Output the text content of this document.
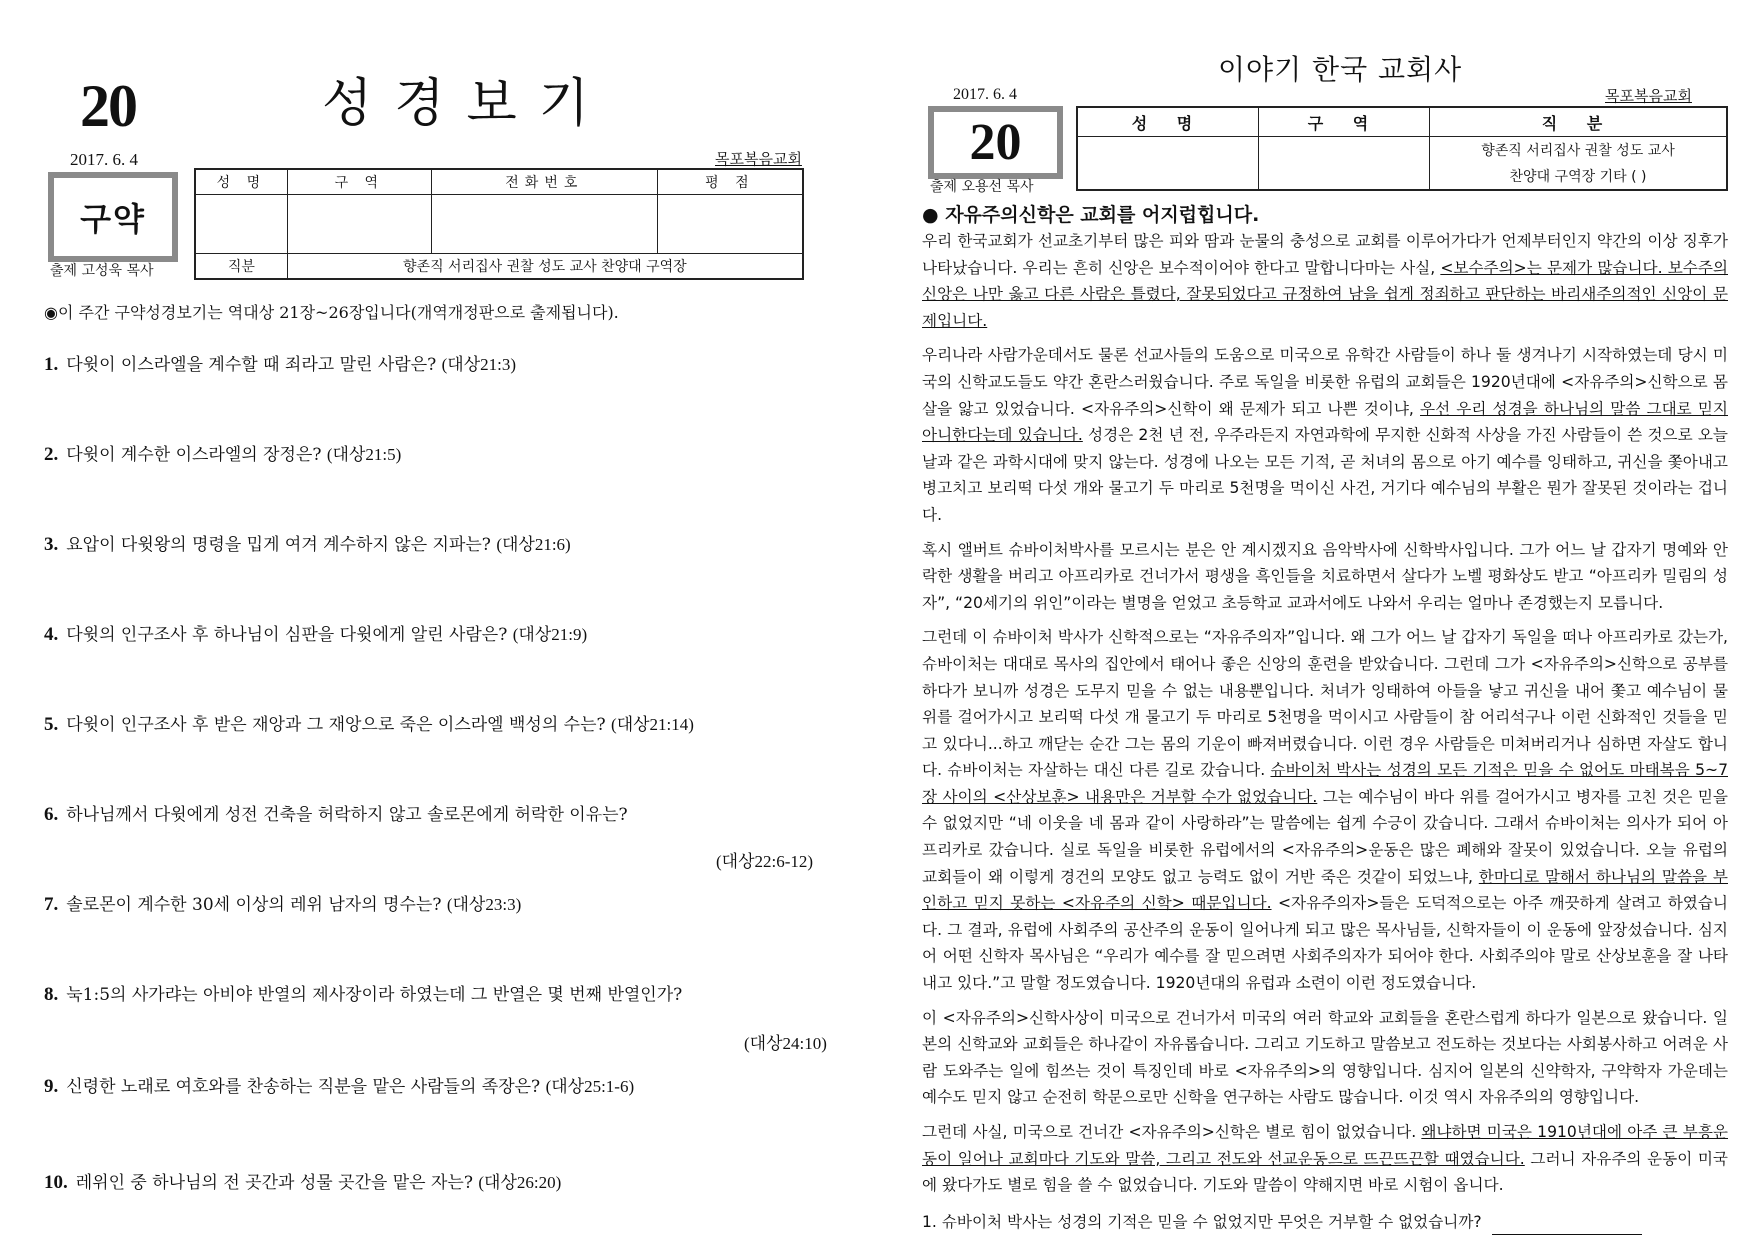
20	성경보기
2017. 6. 4	목포복음교회
구약
출제 고성욱 목사
성 명	구 역	전화번호	평 점

직분	향존직 서리집사 권찰 성도 교사 찬양대 구역장		
◉이 주간 구약성경보기는 역대상 21장~26장입니다(개역개정판으로 출제됩니다).
1. 다윗이 이스라엘을 계수할 때 죄라고 말린 사람은? (대상21:3)
2. 다윗이 계수한 이스라엘의 장정은? (대상21:5)
3. 요압이 다윗왕의 명령을 밉게 여겨 계수하지 않은 지파는? (대상21:6)
4. 다윗의 인구조사 후 하나님이 심판을 다윗에게 알린 사람은? (대상21:9)
5. 다윗이 인구조사 후 받은 재앙과 그 재앙으로 죽은 이스라엘 백성의 수는? (대상21:14)
6. 하나님께서 다윗에게 성전 건축을 허락하지 않고 솔로몬에게 허락한 이유는?
(대상22:6-12)
7. 솔로몬이 계수한 30세 이상의 레위 남자의 명수는? (대상23:3)
8. 눅1:5의 사가랴는 아비야 반열의 제사장이라 하였는데 그 반열은 몇 번째 반열인가?
(대상24:10)
9. 신령한 노래로 여호와를 찬송하는 직분을 맡은 사람들의 족장은? (대상25:1-6)
10. 레위인 중 하나님의 전 곳간과 성물 곳간을 맡은 자는? (대상26:20)
이야기 한국 교회사
2017. 6. 4	목포복음교회
20
출제 오용선 목사
성 명	구 역	직 분
		향존직 서리집사 권찰 성도 교사
		찬양대 구역장 기타 ( )
● 자유주의신학은 교회를 어지럽힙니다.

우리 한국교회가 선교초기부터 많은 피와 땀과 눈물의 충성으로 교회를 이루어가다가 언제부터인지 약간의 이상 징후가 나타났습니다. 우리는 흔히 신앙은 보수적이어야 한다고 말합니다마는 사실, <보수주의>는 문제가 많습니다. 보수주의 신앙은 나만 옳고 다른 사람은 틀렸다, 잘못되었다고 규정하여 남을 쉽게 정죄하고 판단하는 바리새주의적인 신앙이 문제입니다.

우리나라 사람가운데서도 물론 선교사들의 도움으로 미국으로 유학간 사람들이 하나 둘 생겨나기 시작하였는데 당시 미국의 신학교도들도 약간 혼란스러웠습니다. 주로 독일을 비롯한 유럽의 교회들은 1920년대에 <자유주의>신학으로 몸살을 앓고 있었습니다. <자유주의>신학이 왜 문제가 되고 나쁜 것이냐, 우선 우리 성경을 하나님의 말씀 그대로 믿지 아니한다는데 있습니다. 성경은 2천 년 전, 우주라든지 자연과학에 무지한 신화적 사상을 가진 사람들이 쓴 것으로 오늘날과 같은 과학시대에 맞지 않는다. 성경에 나오는 모든 기적, 곧 처녀의 몸으로 아기 예수를 잉태하고, 귀신을 쫓아내고 병고치고 보리떡 다섯 개와 물고기 두 마리로 5천명을 먹이신 사건, 거기다 예수님의 부활은 뭔가 잘못된 것이라는 겁니다.

혹시 앨버트 슈바이처박사를 모르시는 분은 안 계시겠지요 음악박사에 신학박사입니다. 그가 어느 날 갑자기 명예와 안락한 생활을 버리고 아프리카로 건너가서 평생을 흑인들을 치료하면서 살다가 노벨 평화상도 받고 “아프리카 밀림의 성자”, “20세기의 위인”이라는 별명을 얻었고 초등학교 교과서에도 나와서 우리는 얼마나 존경했는지 모릅니다.

그런데 이 슈바이처 박사가 신학적으로는 “자유주의자”입니다. 왜 그가 어느 날 갑자기 독일을 떠나 아프리카로 갔는가, 슈바이처는 대대로 목사의 집안에서 태어나 좋은 신앙의 훈련을 받았습니다. 그런데 그가 <자유주의>신학으로 공부를 하다가 보니까 성경은 도무지 믿을 수 없는 내용뿐입니다. 처녀가 잉태하여 아들을 낳고 귀신을 내어 쫓고 예수님이 물위를 걸어가시고 보리떡 다섯 개 물고기 두 마리로 5천명을 먹이시고 사람들이 참 어리석구나 이런 신화적인 것들을 믿고 있다니...하고 깨닫는 순간 그는 몸의 기운이 빠져버렸습니다. 이런 경우 사람들은 미쳐버리거나 심하면 자살도 합니다. 슈바이처는 자살하는 대신 다른 길로 갔습니다. 슈바이처 박사는 성경의 모든 기적은 믿을 수 없어도 마태복음 5~7장 사이의 <산상보훈> 내용만은 거부할 수가 없었습니다. 그는 예수님이 바다 위를 걸어가시고 병자를 고친 것은 믿을 수 없었지만 “네 이웃을 네 몸과 같이 사랑하라”는 말씀에는 쉽게 수긍이 갔습니다. 그래서 슈바이처는 의사가 되어 아프리카로 갔습니다. 실로 독일을 비롯한 유럽에서의 <자유주의>운동은 많은 폐해와 잘못이 있었습니다. 오늘 유럽의 교회들이 왜 이렇게 경건의 모양도 없고 능력도 없이 거반 죽은 것같이 되었느냐, 한마디로 말해서 하나님의 말씀을 부인하고 믿지 못하는 <자유주의 신학> 때문입니다. <자유주의자>들은 도덕적으로는 아주 깨끗하게 살려고 하였습니다. 그 결과, 유럽에 사회주의 공산주의 운동이 일어나게 되고 많은 목사님들, 신학자들이 이 운동에 앞장섰습니다. 심지어 어떤 신학자 목사님은 “우리가 예수를 잘 믿으려면 사회주의자가 되어야 한다. 사회주의야 말로 산상보훈을 잘 나타내고 있다.”고 말할 정도였습니다. 1920년대의 유럽과 소련이 이런 정도였습니다.

이 <자유주의>신학사상이 미국으로 건너가서 미국의 여러 학교와 교회들을 혼란스럽게 하다가 일본으로 왔습니다. 일본의 신학교와 교회들은 하나같이 자유롭습니다. 그리고 기도하고 말씀보고 전도하는 것보다는 사회봉사하고 어려운 사람 도와주는 일에 힘쓰는 것이 특징인데 바로 <자유주의>의 영향입니다. 심지어 일본의 신약학자, 구약학자 가운데는 예수도 믿지 않고 순전히 학문으로만 신학을 연구하는 사람도 많습니다. 이것 역시 자유주의의 영향입니다.

그런데 사실, 미국으로 건너간 <자유주의>신학은 별로 힘이 없었습니다. 왜냐하면 미국은 1910년대에 아주 큰 부흥운동이 일어나 교회마다 기도와 말씀, 그리고 전도와 선교운동으로 뜨끈뜨끈할 때였습니다. 그러니 자유주의 운동이 미국에 왔다가도 별로 힘을 쓸 수 없었습니다. 기도와 말씀이 약해지면 바로 시험이 옵니다.

1. 슈바이처 박사는 성경의 기적은 믿을 수 없었지만 무엇은 거부할 수 없었습니까?
